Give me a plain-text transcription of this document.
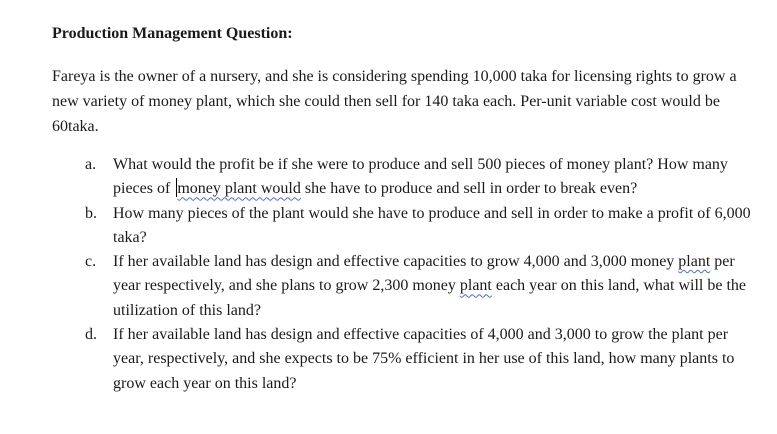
Production Management Question:

Fareya is the owner of a nursery, and she is considering spending 10,000 taka for licensing rights to grow a new variety of money plant, which she could then sell for 140 taka each. Per-unit variable cost would be 60taka.

a. What would the profit be if she were to produce and sell 500 pieces of money plant? How many pieces of money plant would she have to produce and sell in order to break even?
b. How many pieces of the plant would she have to produce and sell in order to make a profit of 6,000 taka?
c. If her available land has design and effective capacities to grow 4,000 and 3,000 money plant per year respectively, and she plans to grow 2,300 money plant each year on this land, what will be the utilization of this land?
d. If her available land has design and effective capacities of 4,000 and 3,000 to grow the plant per year, respectively, and she expects to be 75% efficient in her use of this land, how many plants to grow each year on this land?
